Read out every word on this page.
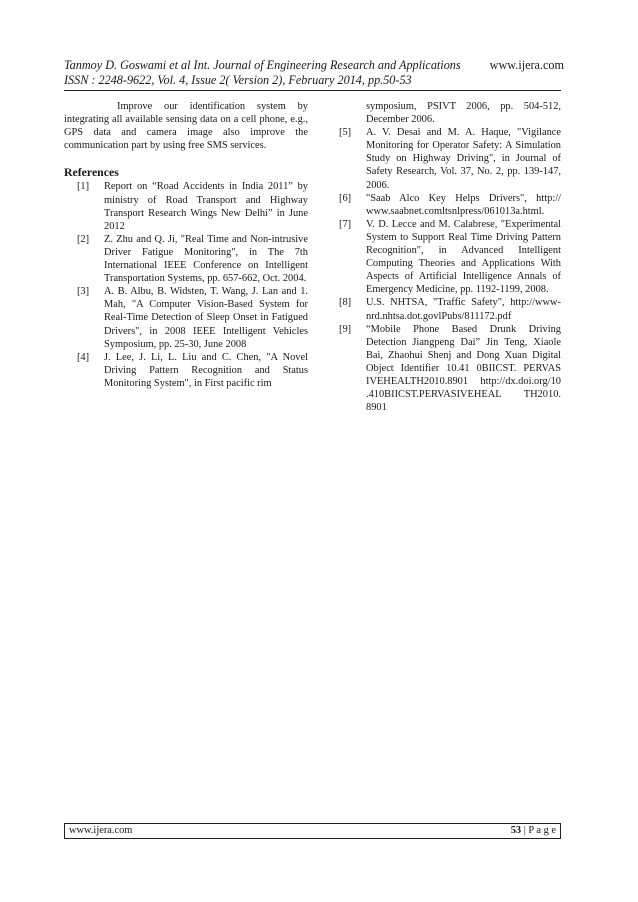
Tanmoy D. Goswami et al Int. Journal of Engineering Research and Applications www.ijera.com
ISSN : 2248-9622, Vol. 4, Issue 2( Version 2), February 2014, pp.50-53

Improve our identification system by integrating all available sensing data on a cell phone, e.g., GPS data and camera image also improve the communication part by using free SMS services.

References
[1]	Report on “Road Accidents in India 2011” by ministry of Road Transport and Highway Transport Research Wings New Delhi” in June 2012
[2]	Z. Zhu and Q. Ji, "Real Time and Non-intrusive Driver Fatigue Monitoring", in The 7th International IEEE Conference on Intelligent Transportation Systems, pp. 657-662, Oct. 2004.
[3]	A. B. Albu, B. Widsten, T. Wang, J. Lan and 1. Mah, "A Computer Vision-Based System for Real-Time Detection of Sleep Onset in Fatigued Drivers", in 2008 IEEE Intelligent Vehicles Symposium, pp. 25-30, June 2008
[4]	J. Lee, J. Li, L. Liu and C. Chen, "A Novel Driving Pattern Recognition and Status Monitoring System", in First pacific rim

symposium, PSIVT 2006, pp. 504-512, December 2006.

[5] A. V. Desai and M. A. Haque, "Vigilance Monitoring for Operator Safety: A Simulation Study on Highway Driving", in Journal of Safety Research, Vol. 37, No. 2, pp. 139-147, 2006.
[6] "Saab Alco Key Helps Drivers", http:// www.saabnet.comltsnlpress/061013a.html.
[7] V. D. Lecce and M. Calabrese, "Experimental System to Support Real Time Driving Pattern Recognition", in Advanced Intelligent Computing Theories and Applications With Aspects of Artificial Intelligence Annals of Emergency Medicine, pp. 1192-1199, 2008.
[8] U.S. NHTSA, "Traffic Safety", http://www-nrd.nhtsa.dot.govlPubs/811172.pdf
[9] “Mobile Phone Based Drunk Driving Detection Jiangpeng Dai” Jin Teng, Xiaole Bai, Zhaohui Shenj and Dong Xuan Digital Object Identifier 10.41 0BIICST. PERVAS IVEHEALTH2010.8901 http://dx.doi.org/10 .410BIICST.PERVASIVEHEAL TH2010. 8901
www.ijera.com	53 | P a g e
